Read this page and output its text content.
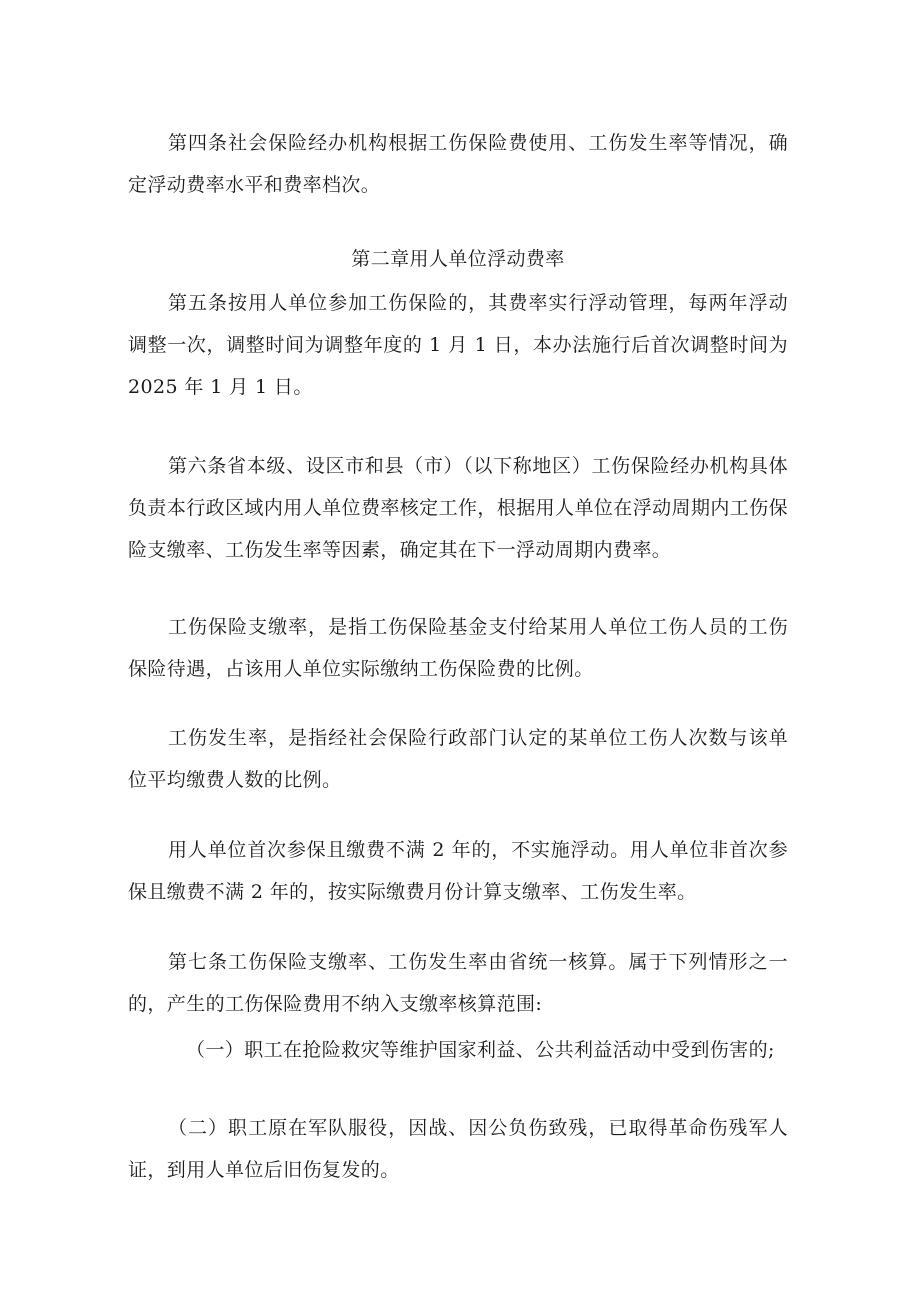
第四条社会保险经办机构根据工伤保险费使用、工伤发生率等情况，确定浮动费率水平和费率档次。

第二章用人单位浮动费率

第五条按用人单位参加工伤保险的，其费率实行浮动管理，每两年浮动调整一次，调整时间为调整年度的 1 月 1 日，本办法施行后首次调整时间为2025 年 1 月 1 日。

第六条省本级、设区市和县（市）（以下称地区）工伤保险经办机构具体负责本行政区域内用人单位费率核定工作，根据用人单位在浮动周期内工伤保险支缴率、工伤发生率等因素，确定其在下一浮动周期内费率。

工伤保险支缴率，是指工伤保险基金支付给某用人单位工伤人员的工伤保险待遇，占该用人单位实际缴纳工伤保险费的比例。

工伤发生率，是指经社会保险行政部门认定的某单位工伤人次数与该单位平均缴费人数的比例。

用人单位首次参保且缴费不满 2 年的，不实施浮动。用人单位非首次参保且缴费不满 2 年的，按实际缴费月份计算支缴率、工伤发生率。

第七条工伤保险支缴率、工伤发生率由省统一核算。属于下列情形之一的，产生的工伤保险费用不纳入支缴率核算范围:

（一）职工在抢险救灾等维护国家利益、公共利益活动中受到伤害的;

（二）职工原在军队服役，因战、因公负伤致残，已取得革命伤残军人证，到用人单位后旧伤复发的。
